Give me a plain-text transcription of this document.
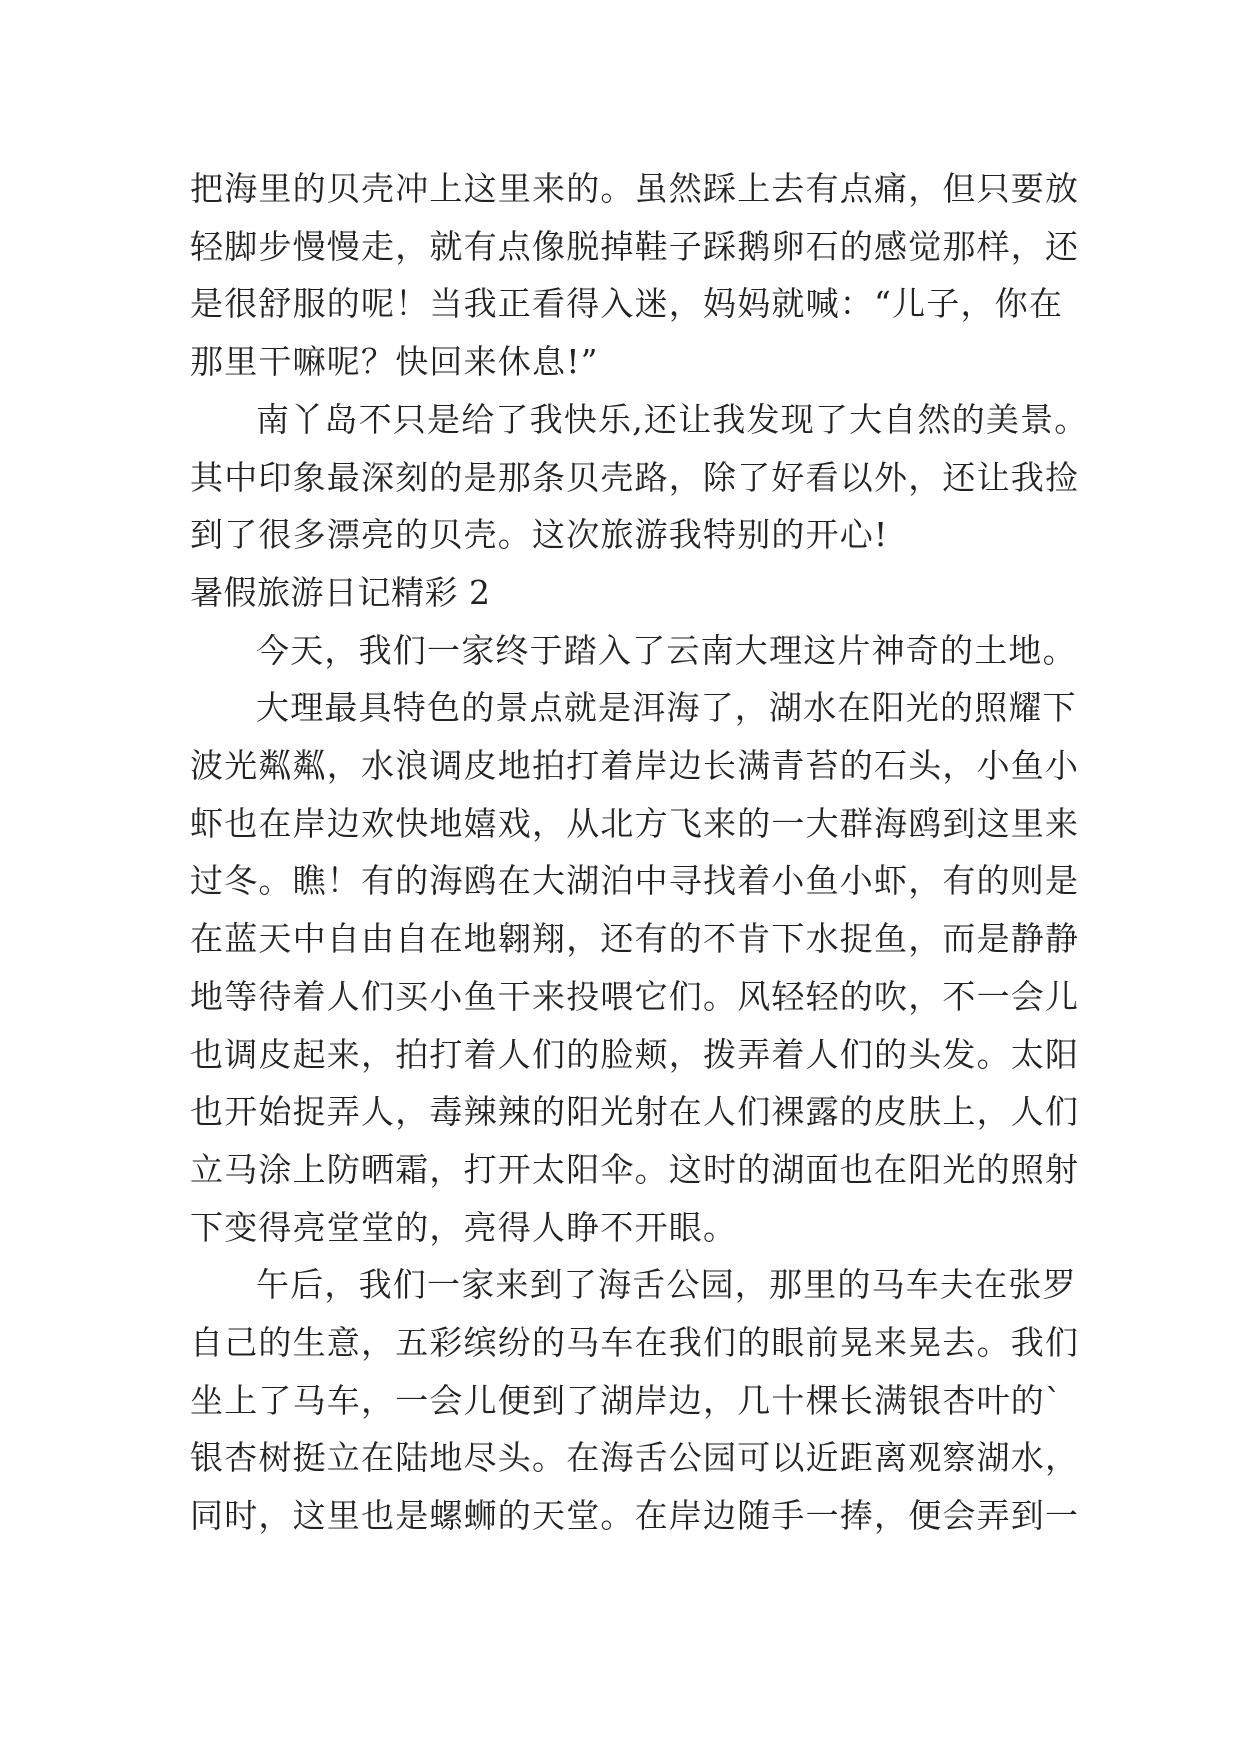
把海里的贝壳冲上这里来的。虽然踩上去有点痛，但只要放
轻脚步慢慢走，就有点像脱掉鞋子踩鹅卵石的感觉那样，还
是很舒服的呢！当我正看得入迷，妈妈就喊：“儿子，你在
那里干嘛呢？快回来休息!”
南丫岛不只是给了我快乐,还让我发现了大自然的美景。
其中印象最深刻的是那条贝壳路，除了好看以外，还让我捡
到了很多漂亮的贝壳。这次旅游我特别的开心!
暑假旅游日记精彩 2
今天，我们一家终于踏入了云南大理这片神奇的土地。
大理最具特色的景点就是洱海了，湖水在阳光的照耀下
波光粼粼，水浪调皮地拍打着岸边长满青苔的石头，小鱼小
虾也在岸边欢快地嬉戏，从北方飞来的一大群海鸥到这里来
过冬。瞧！有的海鸥在大湖泊中寻找着小鱼小虾，有的则是
在蓝天中自由自在地翱翔，还有的不肯下水捉鱼，而是静静
地等待着人们买小鱼干来投喂它们。风轻轻的吹，不一会儿
也调皮起来，拍打着人们的脸颊，拨弄着人们的头发。太阳
也开始捉弄人，毒辣辣的阳光射在人们裸露的皮肤上，人们
立马涂上防晒霜，打开太阳伞。这时的湖面也在阳光的照射
下变得亮堂堂的，亮得人睁不开眼。
午后，我们一家来到了海舌公园，那里的马车夫在张罗
自己的生意，五彩缤纷的马车在我们的眼前晃来晃去。我们
坐上了马车，一会儿便到了湖岸边，几十棵长满银杏叶的`
银杏树挺立在陆地尽头。在海舌公园可以近距离观察湖水，
同时，这里也是螺蛳的天堂。在岸边随手一捧，便会弄到一
